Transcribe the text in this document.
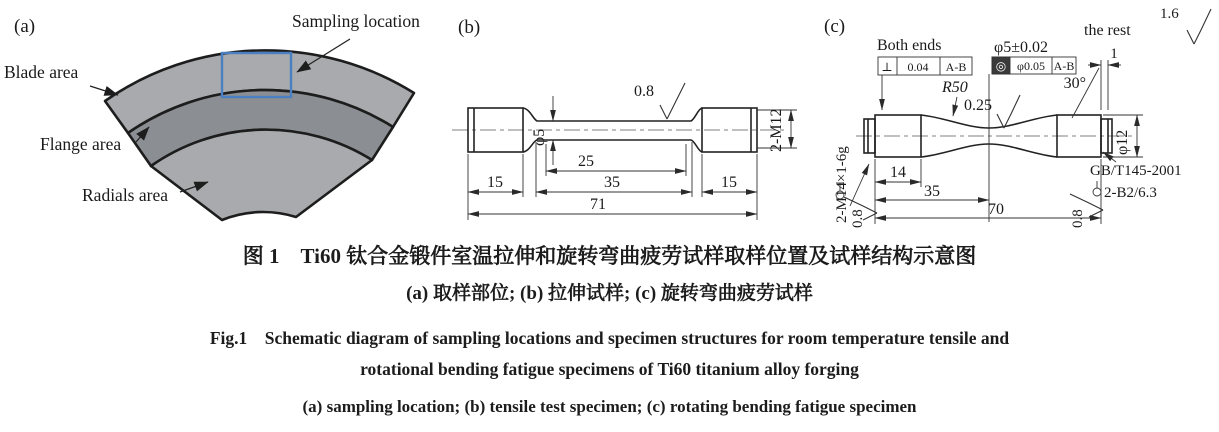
(a)	Sampling location
Blade area
Flange area
Radials area
φ5
0.8
25
35
15	15
71
2-M12
(b)
Both ends
⊥ 0.04 A-B
φ5±0.02
◎ φ0.05 A-B
the rest
1.6
1
30°
R50
0.25
2-M14×1-6g 0.8	0.8
φ12
GB/T145-2001
2-B2/6.3
14
35
70
(c)
图 1　Ti60 钛合金锻件室温拉伸和旋转弯曲疲劳试样取样位置及试样结构示意图
(a) 取样部位; (b) 拉伸试样; (c) 旋转弯曲疲劳试样
Fig.1　Schematic diagram of sampling locations and specimen structures for room temperature tensile and
rotational bending fatigue specimens of Ti60 titanium alloy forging
(a) sampling location; (b) tensile test specimen; (c) rotating bending fatigue specimen
